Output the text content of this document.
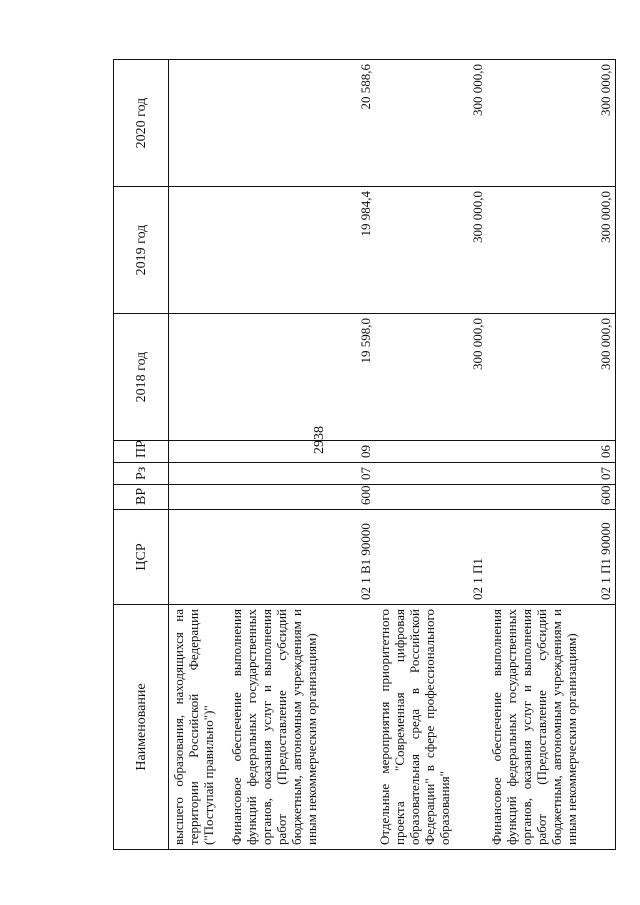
2938
Наименование	ЦСР	ВР	Рз	ПР	2018 год	2019 год	2020 год
высшего образования, находящихся на территории Российской Федерации ("Поступай правильно")"							
Финансовое обеспечение выполнения функций федеральных государственных органов, оказания услуг и выполнения работ (Предоставление субсидий бюджетным, автономным учреждениям и иным некоммерческим организациям)	02 1 В1 90000	600	07	09	19 598,0	19 984,4	20 588,6
Отдельные мероприятия приоритетного проекта "Современная цифровая образовательная среда в Российской Федерации" в сфере профессионального образования"	02 1 П1				300 000,0	300 000,0	300 000,0
Финансовое обеспечение выполнения функций федеральных государственных органов, оказания услуг и выполнения работ (Предоставление субсидий бюджетным, автономным учреждениям и иным некоммерческим организациям)	02 1 П1 90000	600	07	06	300 000,0	300 000,0	300 000,0
